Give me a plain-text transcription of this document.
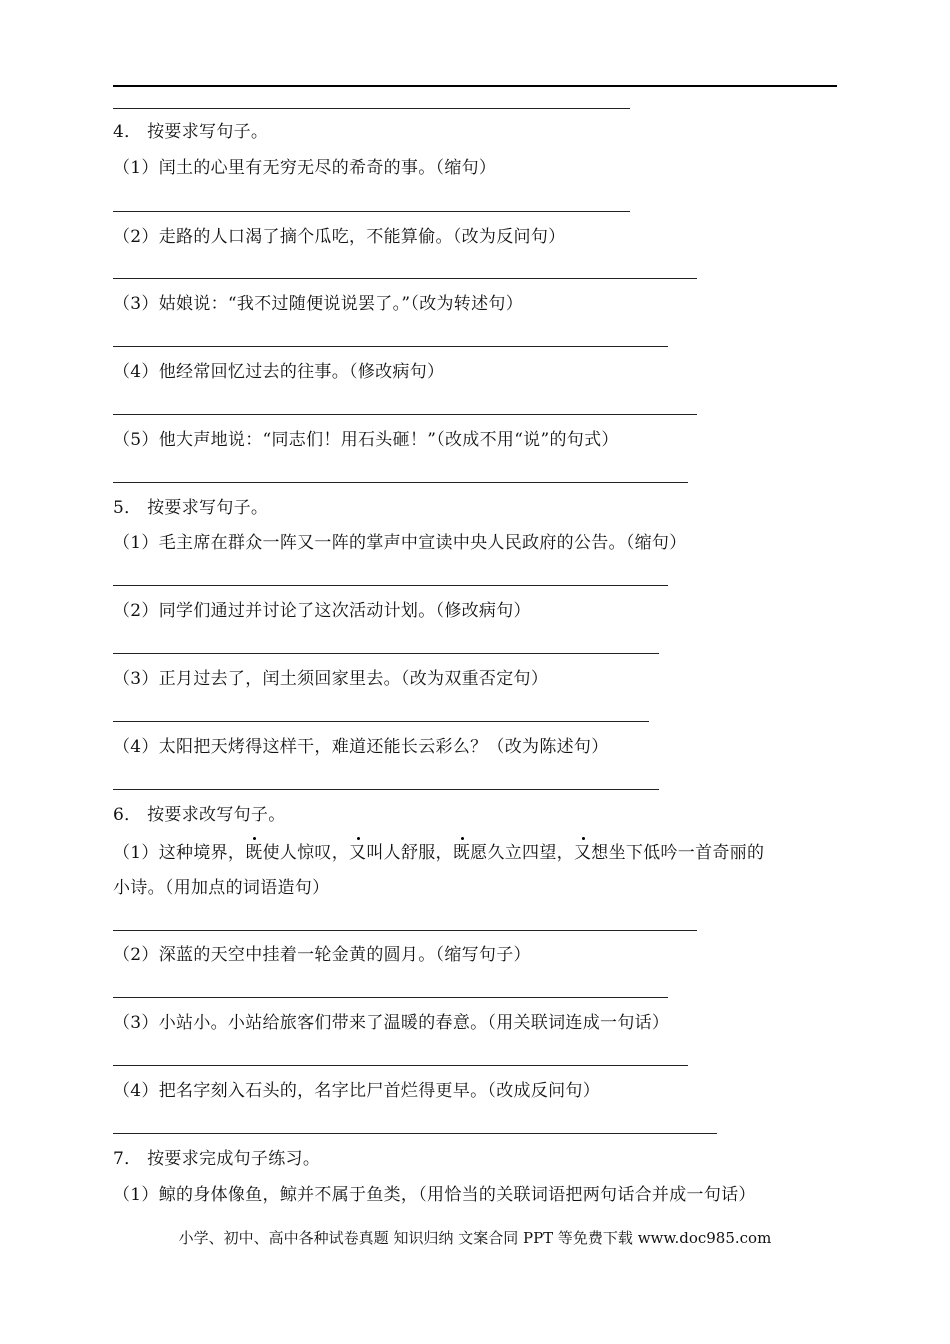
4． 按要求写句子。
（1）闰土的心里有无穷无尽的希奇的事。（缩句）
（2）走路的人口渴了摘个瓜吃，不能算偷。（改为反问句）
（3）姑娘说：“我不过随便说说罢了。”（改为转述句）
（4）他经常回忆过去的往事。（修改病句）
（5）他大声地说：“同志们！用石头砸！”（改成不用“说”的句式）
5． 按要求写句子。
（1）毛主席在群众一阵又一阵的掌声中宣读中央人民政府的公告。（缩句）
（2）同学们通过并讨论了这次活动计划。（修改病句）
（3）正月过去了，闰土须回家里去。（改为双重否定句）
（4）太阳把天烤得这样干，难道还能长云彩么？（改为陈述句）
6． 按要求改写句子。
（1）这种境界，既使人惊叹，又叫人舒服，既愿久立四望，又想坐下低吟一首奇丽的
小诗。（用加点的词语造句）
（2）深蓝的天空中挂着一轮金黄的圆月。（缩写句子）
（3）小站小。小站给旅客们带来了温暖的春意。（用关联词连成一句话）
（4）把名字刻入石头的，名字比尸首烂得更早。（改成反问句）
7． 按要求完成句子练习。
（1）鲸的身体像鱼，鲸并不属于鱼类，（用恰当的关联词语把两句话合并成一句话）
小学、初中、高中各种试卷真题 知识归纳 文案合同 PPT 等免费下载 www.doc985.com
